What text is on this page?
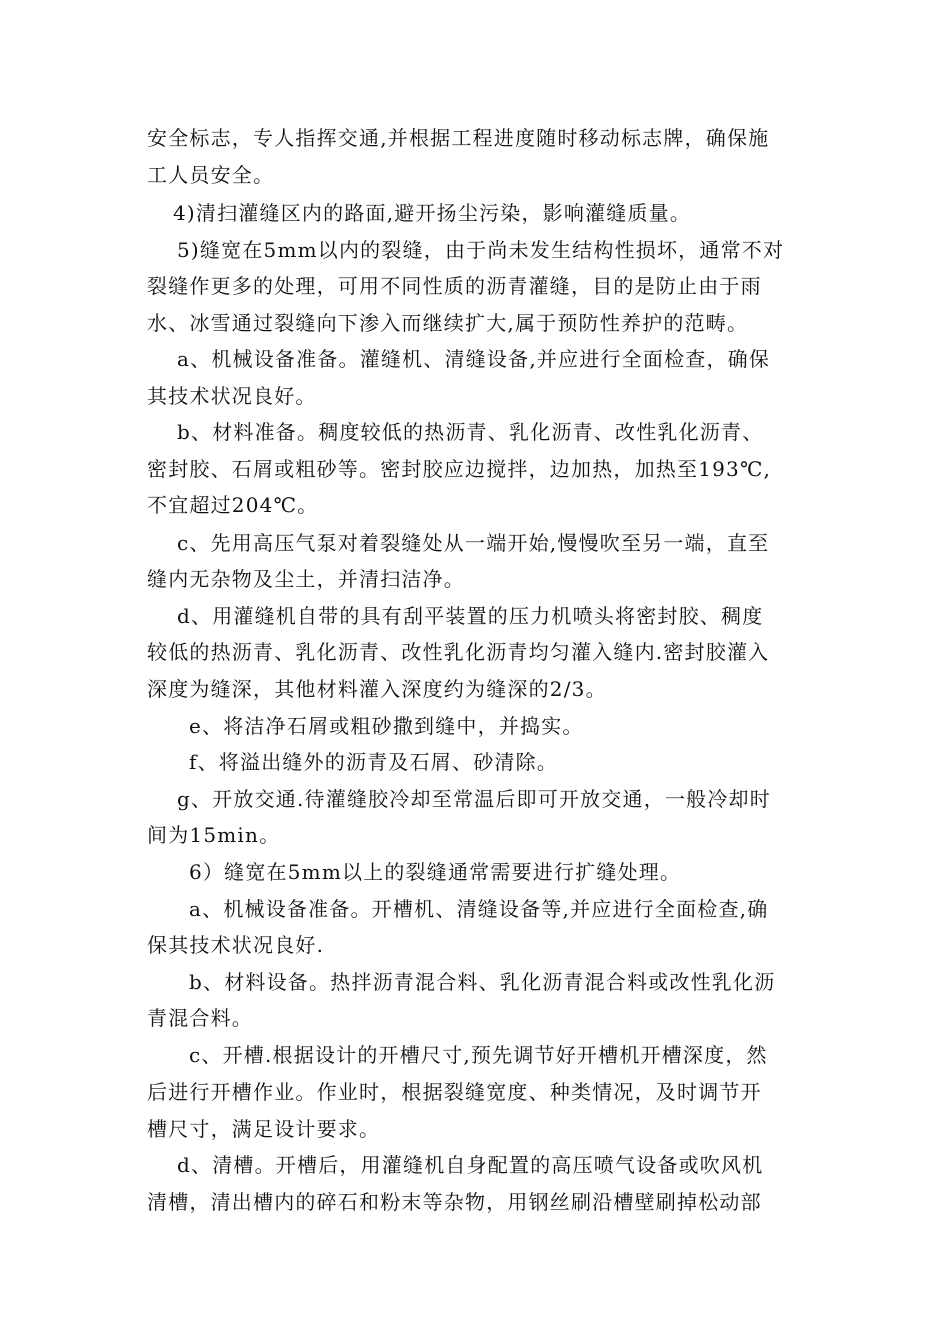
安全标志，专人指挥交通,并根据工程进度随时移动标志牌，确保施
工人员安全。
4)清扫灌缝区内的路面,避开扬尘污染，影响灌缝质量。
5)缝宽在5mm以内的裂缝，由于尚未发生结构性损坏，通常不对
裂缝作更多的处理，可用不同性质的沥青灌缝，目的是防止由于雨
水、冰雪通过裂缝向下渗入而继续扩大,属于预防性养护的范畴。
a、机械设备准备。灌缝机、清缝设备,并应进行全面检查，确保
其技术状况良好。
b、材料准备。稠度较低的热沥青、乳化沥青、改性乳化沥青、
密封胶、石屑或粗砂等。密封胶应边搅拌，边加热，加热至193℃,
不宜超过204℃。
c、先用高压气泵对着裂缝处从一端开始,慢慢吹至另一端，直至
缝内无杂物及尘土，并清扫洁净。
d、用灌缝机自带的具有刮平装置的压力机喷头将密封胶、稠度
较低的热沥青、乳化沥青、改性乳化沥青均匀灌入缝内.密封胶灌入
深度为缝深，其他材料灌入深度约为缝深的2/3。
e、将洁净石屑或粗砂撒到缝中，并捣实。
f、将溢出缝外的沥青及石屑、砂清除。
g、开放交通.待灌缝胶冷却至常温后即可开放交通，一般冷却时
间为15min。
6）缝宽在5mm以上的裂缝通常需要进行扩缝处理。
a、机械设备准备。开槽机、清缝设备等,并应进行全面检查,确
保其技术状况良好.
b、材料设备。热拌沥青混合料、乳化沥青混合料或改性乳化沥
青混合料。
c、开槽.根据设计的开槽尺寸,预先调节好开槽机开槽深度，然
后进行开槽作业。作业时，根据裂缝宽度、种类情况，及时调节开
槽尺寸，满足设计要求。
d、清槽。开槽后，用灌缝机自身配置的高压喷气设备或吹风机
清槽，清出槽内的碎石和粉末等杂物，用钢丝刷沿槽壁刷掉松动部
